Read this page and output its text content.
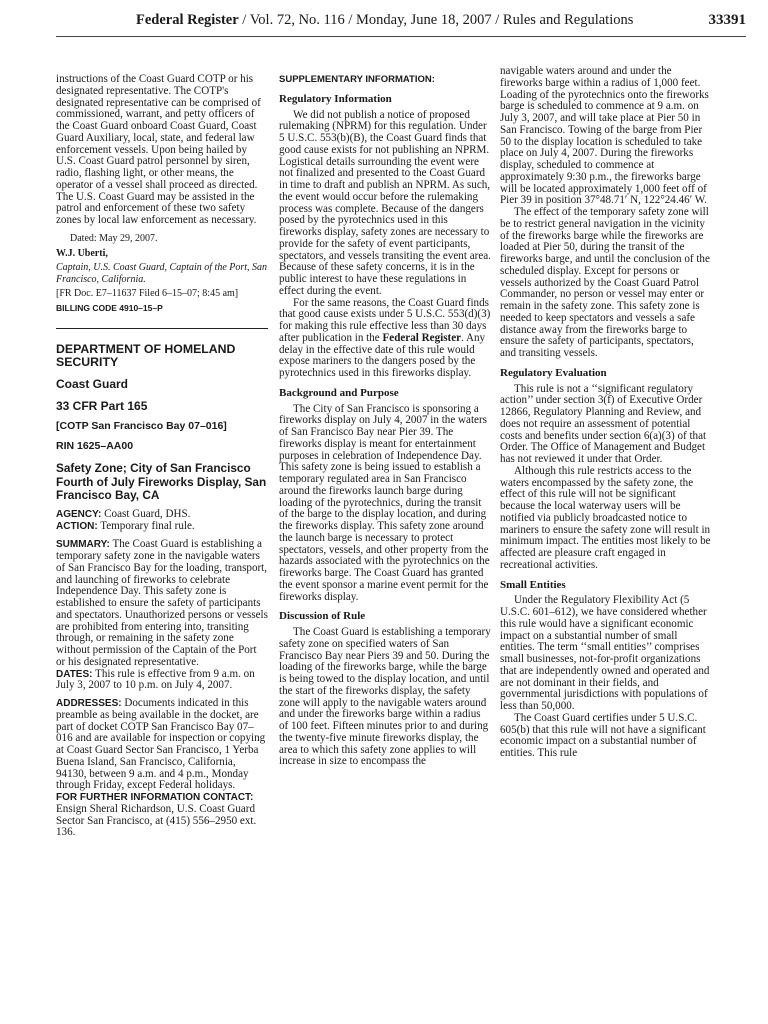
Federal Register / Vol. 72, No. 116 / Monday, June 18, 2007 / Rules and Regulations	33391

instructions of the Coast Guard COTP or his designated representative. The COTP's designated representative can be comprised of commissioned, warrant, and petty officers of the Coast Guard onboard Coast Guard, Coast Guard Auxiliary, local, state, and federal law enforcement vessels. Upon being hailed by U.S. Coast Guard patrol personnel by siren, radio, flashing light, or other means, the operator of a vessel shall proceed as directed. The U.S. Coast Guard may be assisted in the patrol and enforcement of these two safety zones by local law enforcement as necessary.

Dated: May 29, 2007.

W.J. Uberti,

Captain, U.S. Coast Guard, Captain of the Port, San Francisco, California.

[FR Doc. E7–11637 Filed 6–15–07; 8:45 am]

BILLING CODE 4910–15–P

DEPARTMENT OF HOMELAND SECURITY

Coast Guard

33 CFR Part 165

[COTP San Francisco Bay 07–016]

RIN 1625–AA00

Safety Zone; City of San Francisco Fourth of July Fireworks Display, San Francisco Bay, CA

AGENCY: Coast Guard, DHS.

ACTION: Temporary final rule.

SUMMARY: The Coast Guard is establishing a temporary safety zone in the navigable waters of San Francisco Bay for the loading, transport, and launching of fireworks to celebrate Independence Day. This safety zone is established to ensure the safety of participants and spectators. Unauthorized persons or vessels are prohibited from entering into, transiting through, or remaining in the safety zone without permission of the Captain of the Port or his designated representative.

DATES: This rule is effective from 9 a.m. on July 3, 2007 to 10 p.m. on July 4, 2007.

ADDRESSES: Documents indicated in this preamble as being available in the docket, are part of docket COTP San Francisco Bay 07–016 and are available for inspection or copying at Coast Guard Sector San Francisco, 1 Yerba Buena Island, San Francisco, California, 94130, between 9 a.m. and 4 p.m., Monday through Friday, except Federal holidays.

FOR FURTHER INFORMATION CONTACT:

Ensign Sheral Richardson, U.S. Coast Guard Sector San Francisco, at (415) 556–2950 ext. 136.

SUPPLEMENTARY INFORMATION:

Regulatory Information

We did not publish a notice of proposed rulemaking (NPRM) for this regulation. Under 5 U.S.C. 553(b)(B), the Coast Guard finds that good cause exists for not publishing an NPRM. Logistical details surrounding the event were not finalized and presented to the Coast Guard in time to draft and publish an NPRM. As such, the event would occur before the rulemaking process was complete. Because of the dangers posed by the pyrotechnics used in this fireworks display, safety zones are necessary to provide for the safety of event participants, spectators, and vessels transiting the event area. Because of these safety concerns, it is in the public interest to have these regulations in effect during the event.

For the same reasons, the Coast Guard finds that good cause exists under 5 U.S.C. 553(d)(3) for making this rule effective less than 30 days after publication in the Federal Register. Any delay in the effective date of this rule would expose mariners to the dangers posed by the pyrotechnics used in this fireworks display.

Background and Purpose

The City of San Francisco is sponsoring a fireworks display on July 4, 2007 in the waters of San Francisco Bay near Pier 39. The fireworks display is meant for entertainment purposes in celebration of Independence Day. This safety zone is being issued to establish a temporary regulated area in San Francisco around the fireworks launch barge during loading of the pyrotechnics, during the transit of the barge to the display location, and during the fireworks display. This safety zone around the launch barge is necessary to protect spectators, vessels, and other property from the hazards associated with the pyrotechnics on the fireworks barge. The Coast Guard has granted the event sponsor a marine event permit for the fireworks display.

Discussion of Rule

The Coast Guard is establishing a temporary safety zone on specified waters of San Francisco Bay near Piers 39 and 50. During the loading of the fireworks barge, while the barge is being towed to the display location, and until the start of the fireworks display, the safety zone will apply to the navigable waters around and under the fireworks barge within a radius of 100 feet. Fifteen minutes prior to and during the twenty-five minute fireworks display, the area to which this safety zone applies to will increase in size to encompass the

navigable waters around and under the fireworks barge within a radius of 1,000 feet. Loading of the pyrotechnics onto the fireworks barge is scheduled to commence at 9 a.m. on July 3, 2007, and will take place at Pier 50 in San Francisco. Towing of the barge from Pier 50 to the display location is scheduled to take place on July 4, 2007. During the fireworks display, scheduled to commence at approximately 9:30 p.m., the fireworks barge will be located approximately 1,000 feet off of Pier 39 in position 37°48.71′ N, 122°24.46′ W.

The effect of the temporary safety zone will be to restrict general navigation in the vicinity of the fireworks barge while the fireworks are loaded at Pier 50, during the transit of the fireworks barge, and until the conclusion of the scheduled display. Except for persons or vessels authorized by the Coast Guard Patrol Commander, no person or vessel may enter or remain in the safety zone. This safety zone is needed to keep spectators and vessels a safe distance away from the fireworks barge to ensure the safety of participants, spectators, and transiting vessels.

Regulatory Evaluation

This rule is not a ‘‘significant regulatory action’’ under section 3(f) of Executive Order 12866, Regulatory Planning and Review, and does not require an assessment of potential costs and benefits under section 6(a)(3) of that Order. The Office of Management and Budget has not reviewed it under that Order.

Although this rule restricts access to the waters encompassed by the safety zone, the effect of this rule will not be significant because the local waterway users will be notified via publicly broadcasted notice to mariners to ensure the safety zone will result in minimum impact. The entities most likely to be affected are pleasure craft engaged in recreational activities.

Small Entities

Under the Regulatory Flexibility Act (5 U.S.C. 601–612), we have considered whether this rule would have a significant economic impact on a substantial number of small entities. The term ‘‘small entities’’ comprises small businesses, not-for-profit organizations that are independently owned and operated and are not dominant in their fields, and governmental jurisdictions with populations of less than 50,000.

The Coast Guard certifies under 5 U.S.C. 605(b) that this rule will not have a significant economic impact on a substantial number of entities. This rule
